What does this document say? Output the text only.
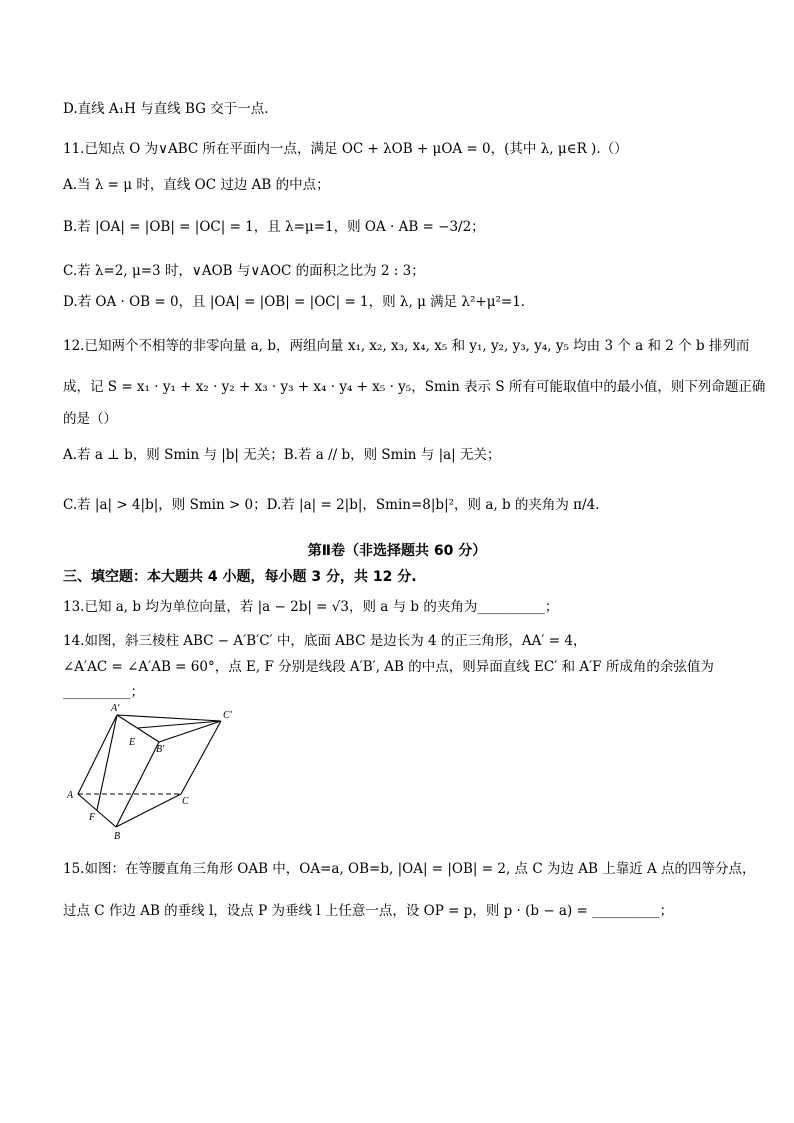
D.直线 A₁H 与直线 BG 交于一点.
11.已知点 O 为∨ABC 所在平面内一点，满足 OC + λOB + μOA = 0，(其中 λ, μ∈R ).（）
A.当 λ = μ 时，直线 OC 过边 AB 的中点；
B.若 |OA| = |OB| = |OC| = 1，且 λ=μ=1，则 OA · AB = −3/2；
C.若 λ=2, μ=3 时，∨AOB 与∨AOC 的面积之比为 2 : 3；
D.若 OA · OB = 0，且 |OA| = |OB| = |OC| = 1，则 λ, μ 满足 λ²+μ²=1.
12.已知两个不相等的非零向量 a, b，两组向量 x₁, x₂, x₃, x₄, x₅ 和 y₁, y₂, y₃, y₄, y₅ 均由 3 个 a 和 2 个 b 排列而
成，记 S = x₁ · y₁ + x₂ · y₂ + x₃ · y₃ + x₄ · y₄ + x₅ · y₅，Smin 表示 S 所有可能取值中的最小值，则下列命题正确
的是（）
A.若 a ⊥ b，则 Smin 与 |b| 无关；B.若 a // b，则 Smin 与 |a| 无关；
C.若 |a| > 4|b|，则 Smin > 0；D.若 |a| = 2|b|，Smin=8|b|²，则 a, b 的夹角为 π/4.
第Ⅱ卷（非选择题共 60 分）
三、填空题：本大题共 4 小题，每小题 3 分，共 12 分.
13.已知 a, b 均为单位向量，若 |a − 2b| = √3，则 a 与 b 的夹角为__________；
14.如图，斜三棱柱 ABC − A′B′C′ 中，底面 ABC 是边长为 4 的正三角形，AA′ = 4，
∠A′AC = ∠A′AB = 60°，点 E, F 分别是线段 A′B′, AB 的中点，则异面直线 EC′ 和 A′F 所成角的余弦值为
__________；
A'
C'
E
B'
A
C
F
B
15.如图：在等腰直角三角形 OAB 中，OA=a, OB=b, |OA| = |OB| = 2, 点 C 为边 AB 上靠近 A 点的四等分点，
过点 C 作边 AB 的垂线 l，设点 P 为垂线 l 上任意一点，设 OP = p，则 p · (b − a) = __________；
